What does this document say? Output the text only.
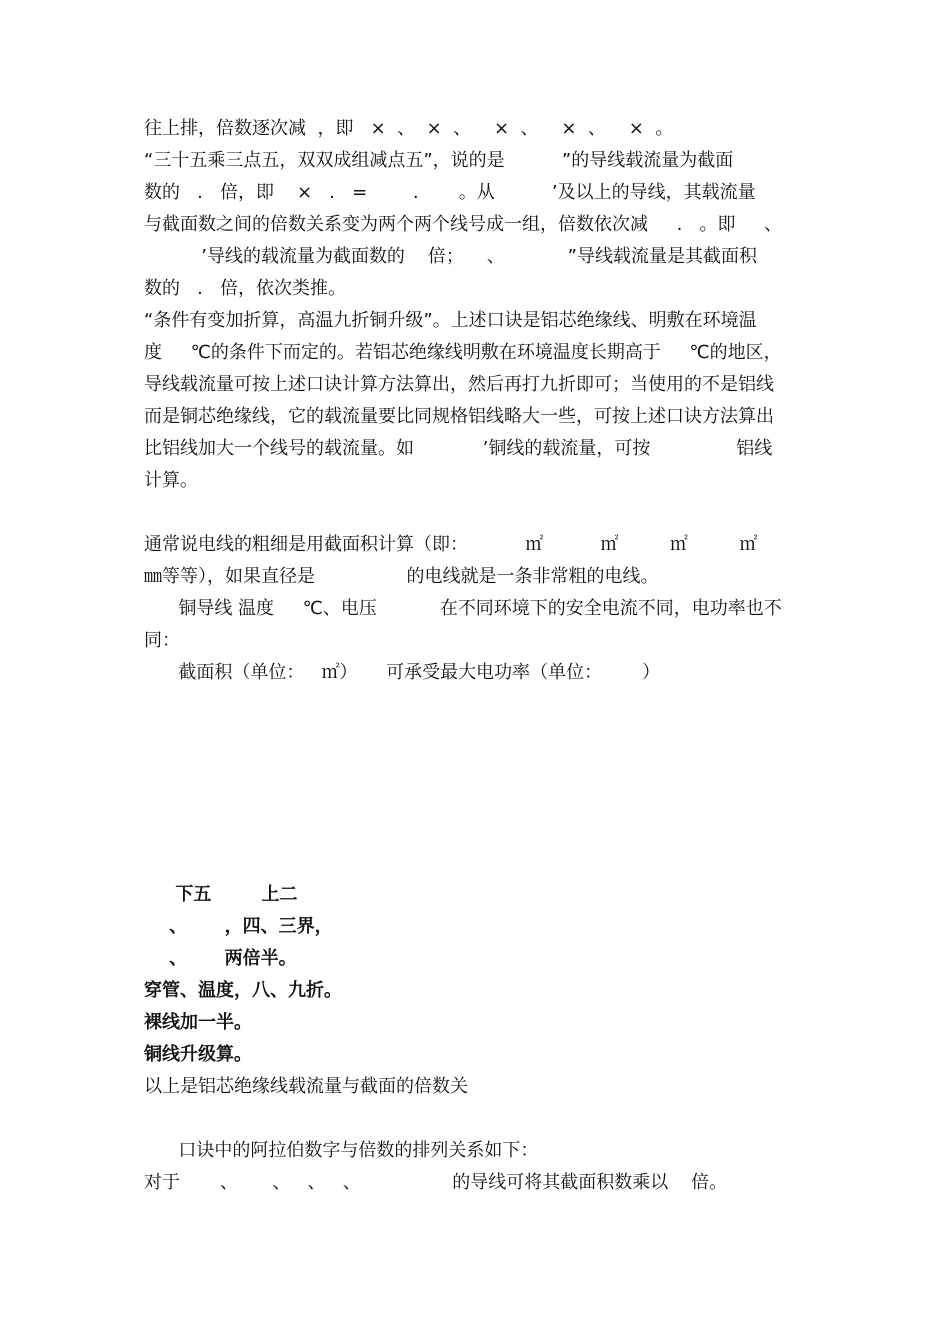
往上排，倍数逐次减  ，即   ×  、  ×  、    ×  、    ×  、    ×  。
“三十五乘三点五，双双成组减点五”，说的是          ”的导线载流量为截面
数的   .   倍，即    ×   .   =        .       。从          ’及以上的导线，其载流量
与截面数之间的倍数关系变为两个两个线号成一组，倍数依次减     .   。即     、
’导线的载流量为截面数的    倍；    、           ”导线载流量是其截面积
数的   .   倍，依次类推。
“条件有变加折算，高温九折铜升级”。上述口诀是铝芯绝缘线、明敷在环境温
度     ℃的条件下而定的。若铝芯绝缘线明敷在环境温度长期高于     ℃的地区，
导线载流量可按上述口诀计算方法算出，然后再打九折即可；当使用的不是铝线
而是铜芯绝缘线，它的载流量要比同规格铝线略大一些，可按上述口诀方法算出
比铝线加大一个线号的载流量。如            ’铜线的载流量，可按               铝线
计算。
通常说电线的粗细是用截面积计算（即：          ㎡          ㎡         ㎡         ㎡
㎜等等），如果直径是                的电线就是一条非常粗的电线。
铜导线 温度     ℃、电压           在不同环境下的安全电流不同，电功率也不
同：
截面积（单位：   ㎡）     可承受最大电功率（单位：       ）
下五        上二
、      ，四、三界，
、      两倍半。
穿管、温度，八、九折。
裸线加一半。
铜线升级算。
以上是铝芯绝缘线载流量与截面的倍数关
口诀中的阿拉伯数字与倍数的排列关系如下：
对于       、      、   、   、                的导线可将其截面积数乘以    倍。
